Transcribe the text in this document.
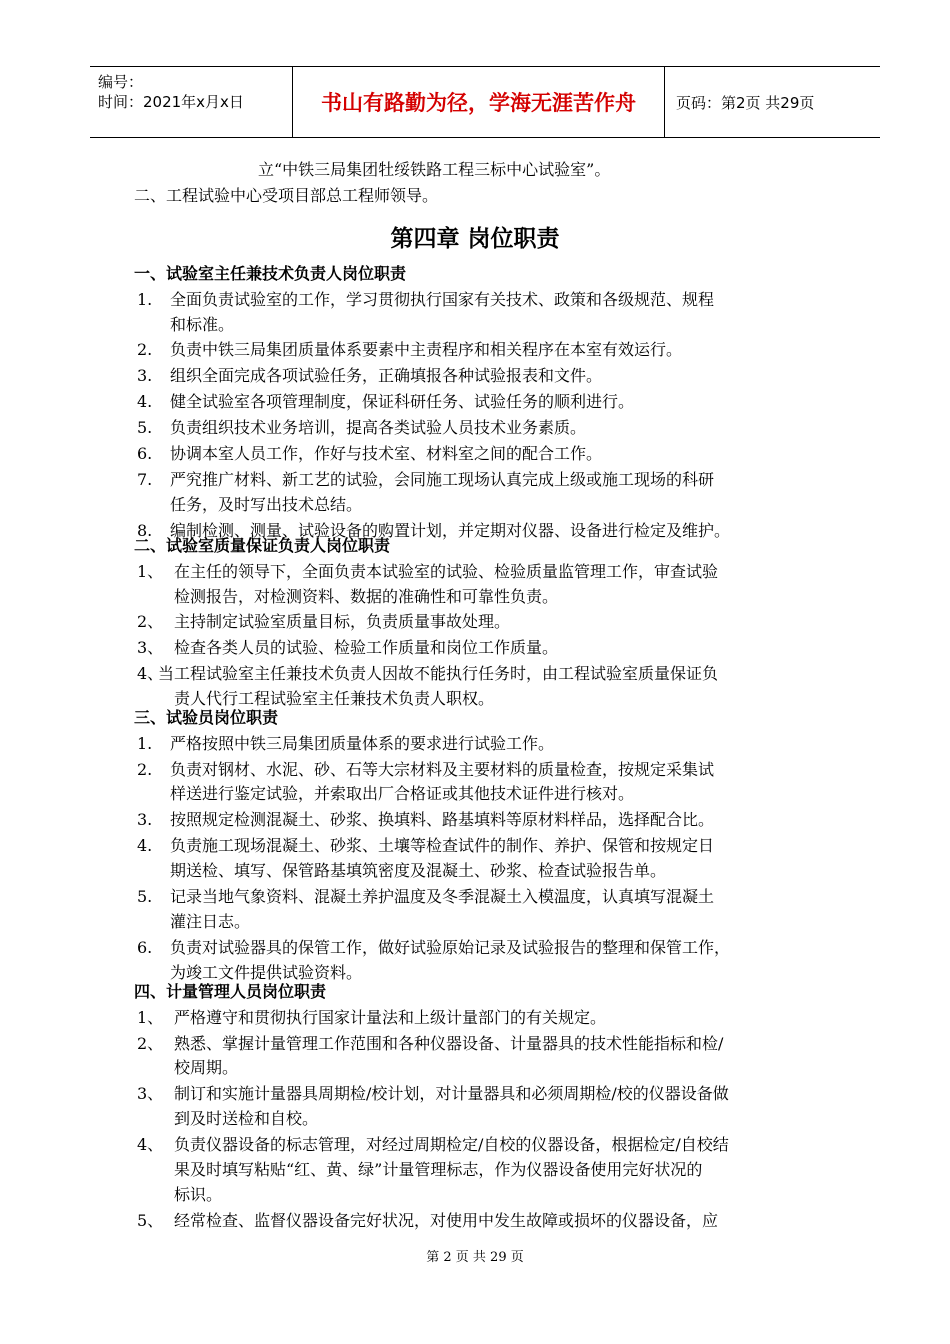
编号：
时间：2021年x月x日	书山有路勤为径，学海无涯苦作舟	页码：第2页 共29页
立“中铁三局集团牡绥铁路工程三标中心试验室”。
二、工程试验中心受项目部总工程师领导。
第四章 岗位职责
一、试验室主任兼技术负责人岗位职责
1. 全面负责试验室的工作，学习贯彻执行国家有关技术、政策和各级规范、规程
和标准。
2. 负责中铁三局集团质量体系要素中主责程序和相关程序在本室有效运行。
3. 组织全面完成各项试验任务，正确填报各种试验报表和文件。
4. 健全试验室各项管理制度，保证科研任务、试验任务的顺利进行。
5. 负责组织技术业务培训，提高各类试验人员技术业务素质。
6. 协调本室人员工作，作好与技术室、材料室之间的配合工作。
7. 严究推广材料、新工艺的试验，会同施工现场认真完成上级或施工现场的科研
任务，及时写出技术总结。
8. 编制检测、测量、试验设备的购置计划，并定期对仪器、设备进行检定及维护。
二、试验室质量保证负责人岗位职责
1、 在主任的领导下，全面负责本试验室的试验、检验质量监管理工作，审查试验
检测报告，对检测资料、数据的准确性和可靠性负责。
2、 主持制定试验室质量目标，负责质量事故处理。
3、 检查各类人员的试验、检验工作质量和岗位工作质量。
4、
当工程试验室主任兼技术负责人因故不能执行任务时，由工程试验室质量保证负
责人代行工程试验室主任兼技术负责人职权。
三、试验员岗位职责
1. 严格按照中铁三局集团质量体系的要求进行试验工作。
2. 负责对钢材、水泥、砂、石等大宗材料及主要材料的质量检查，按规定采集试
样送进行鉴定试验，并索取出厂合格证或其他技术证件进行核对。
3. 按照规定检测混凝土、砂浆、换填料、路基填料等原材料样品，选择配合比。
4. 负责施工现场混凝土、砂浆、土壤等检查试件的制作、养护、保管和按规定日
期送检、填写、保管路基填筑密度及混凝土、砂浆、检查试验报告单。
5. 记录当地气象资料、混凝土养护温度及冬季混凝土入模温度，认真填写混凝土
灌注日志。
6. 负责对试验器具的保管工作，做好试验原始记录及试验报告的整理和保管工作，
为竣工文件提供试验资料。
四、计量管理人员岗位职责
1、 严格遵守和贯彻执行国家计量法和上级计量部门的有关规定。
2、 熟悉、掌握计量管理工作范围和各种仪器设备、计量器具的技术性能指标和检/
校周期。
3、 制订和实施计量器具周期检/校计划，对计量器具和必须周期检/校的仪器设备做
到及时送检和自校。
4、 负责仪器设备的标志管理，对经过周期检定/自校的仪器设备，根据检定/自校结
果及时填写粘贴“红、黄、绿”计量管理标志，作为仪器设备使用完好状况的
标识。
5、 经常检查、监督仪器设备完好状况，对使用中发生故障或损坏的仪器设备，应
第 2 页 共 29 页
